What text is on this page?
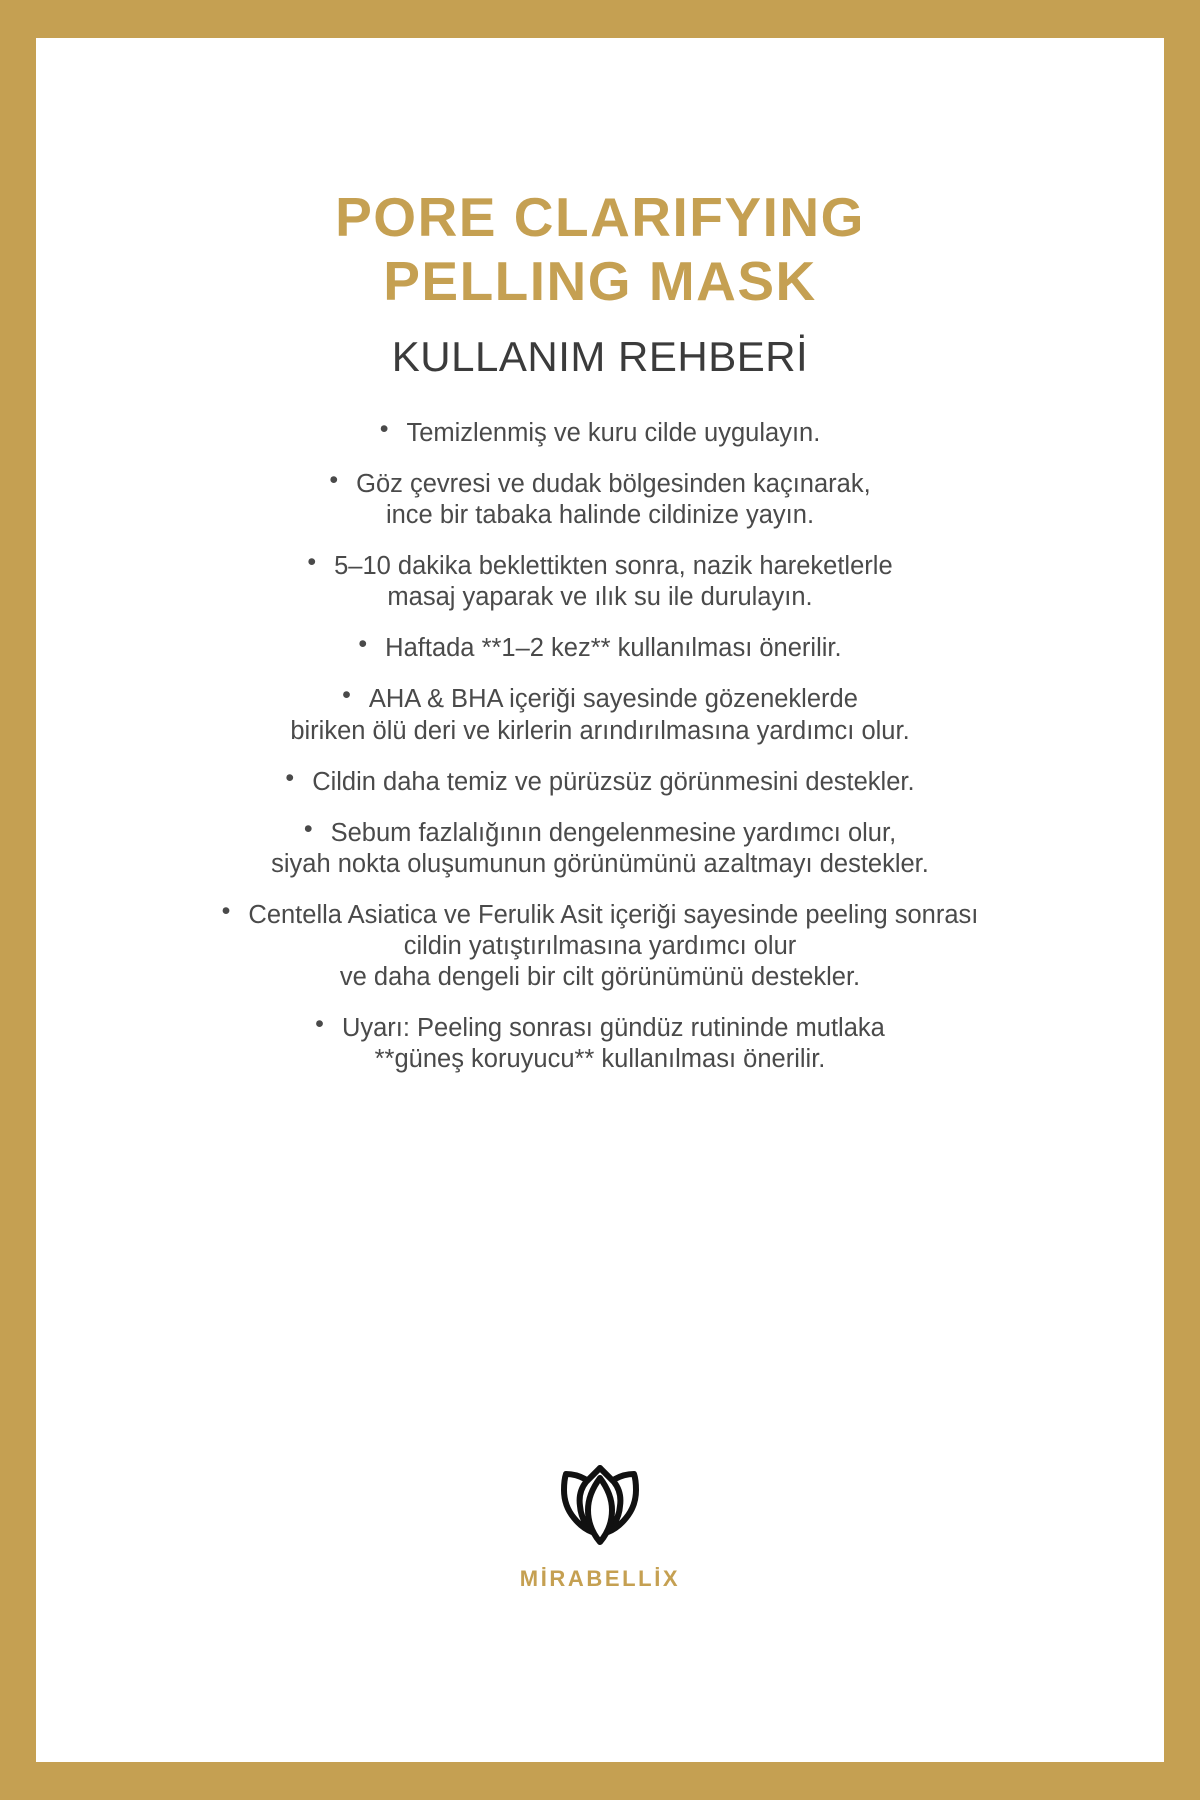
PORE CLARIFYING
PELLING MASK
KULLANIM REHBERİ
• Temizlenmiş ve kuru cilde uygulayın.
• Göz çevresi ve dudak bölgesinden kaçınarak,
ince bir tabaka halinde cildinize yayın.
• 5–10 dakika beklettikten sonra, nazik hareketlerle
masaj yaparak ve ılık su ile durulayın.
• Haftada **1–2 kez** kullanılması önerilir.
• AHA & BHA içeriği sayesinde gözeneklerde
biriken ölü deri ve kirlerin arındırılmasına yardımcı olur.
• Cildin daha temiz ve pürüzsüz görünmesini destekler.
• Sebum fazlalığının dengelenmesine yardımcı olur,
siyah nokta oluşumunun görünümünü azaltmayı destekler.
• Centella Asiatica ve Ferulik Asit içeriği sayesinde peeling sonrası
cildin yatıştırılmasına yardımcı olur
ve daha dengeli bir cilt görünümünü destekler.
• Uyarı: Peeling sonrası gündüz rutininde mutlaka
**güneş koruyucu** kullanılması önerilir.
MİRABELLİX
